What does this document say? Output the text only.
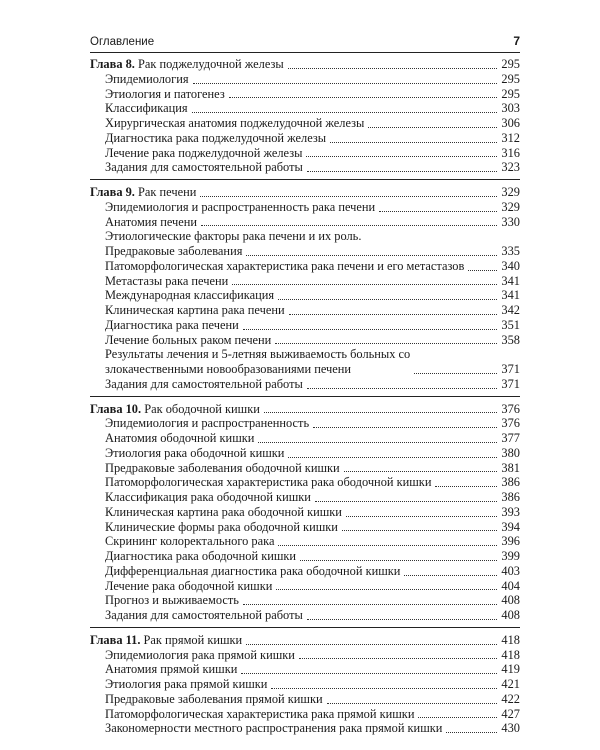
Оглавление	7
Глава 8. Рак поджелудочной железы	295
Эпидемиология	295
Этиология и патогенез	295
Классификация	303
Хирургическая анатомия поджелудочной железы	306
Диагностика рака поджелудочной железы	312
Лечение рака поджелудочной железы	316
Задания для самостоятельной работы	323
Глава 9. Рак печени	329
Эпидемиология и распространенность рака печени	329
Анатомия печени	330
Этиологические факторы рака печени и их роль.
Предраковые заболевания	335
Патоморфологическая характеристика рака печени и его метастазов	340
Метастазы рака печени	341
Международная классификация	341
Клиническая картина рака печени	342
Диагностика рака печени	351
Лечение больных раком печени	358
Результаты лечения и 5-летняя выживаемость больных со
злокачественными новообразованиями печени	371
Задания для самостоятельной работы	371
Глава 10. Рак ободочной кишки	376
Эпидемиология и распространенность	376
Анатомия ободочной кишки	377
Этиология рака ободочной кишки	380
Предраковые заболевания ободочной кишки	381
Патоморфологическая характеристика рака ободочной кишки	386
Классификация рака ободочной кишки	386
Клиническая картина рака ободочной кишки	393
Клинические формы рака ободочной кишки	394
Скрининг колоректального рака	396
Диагностика рака ободочной кишки	399
Дифференциальная диагностика рака ободочной кишки	403
Лечение рака ободочной кишки	404
Прогноз и выживаемость	408
Задания для самостоятельной работы	408
Глава 11. Рак прямой кишки	418
Эпидемиология рака прямой кишки	418
Анатомия прямой кишки	419
Этиология рака прямой кишки	421
Предраковые заболевания прямой кишки	422
Патоморфологическая характеристика рака прямой кишки	427
Закономерности местного распространения рака прямой кишки	430
